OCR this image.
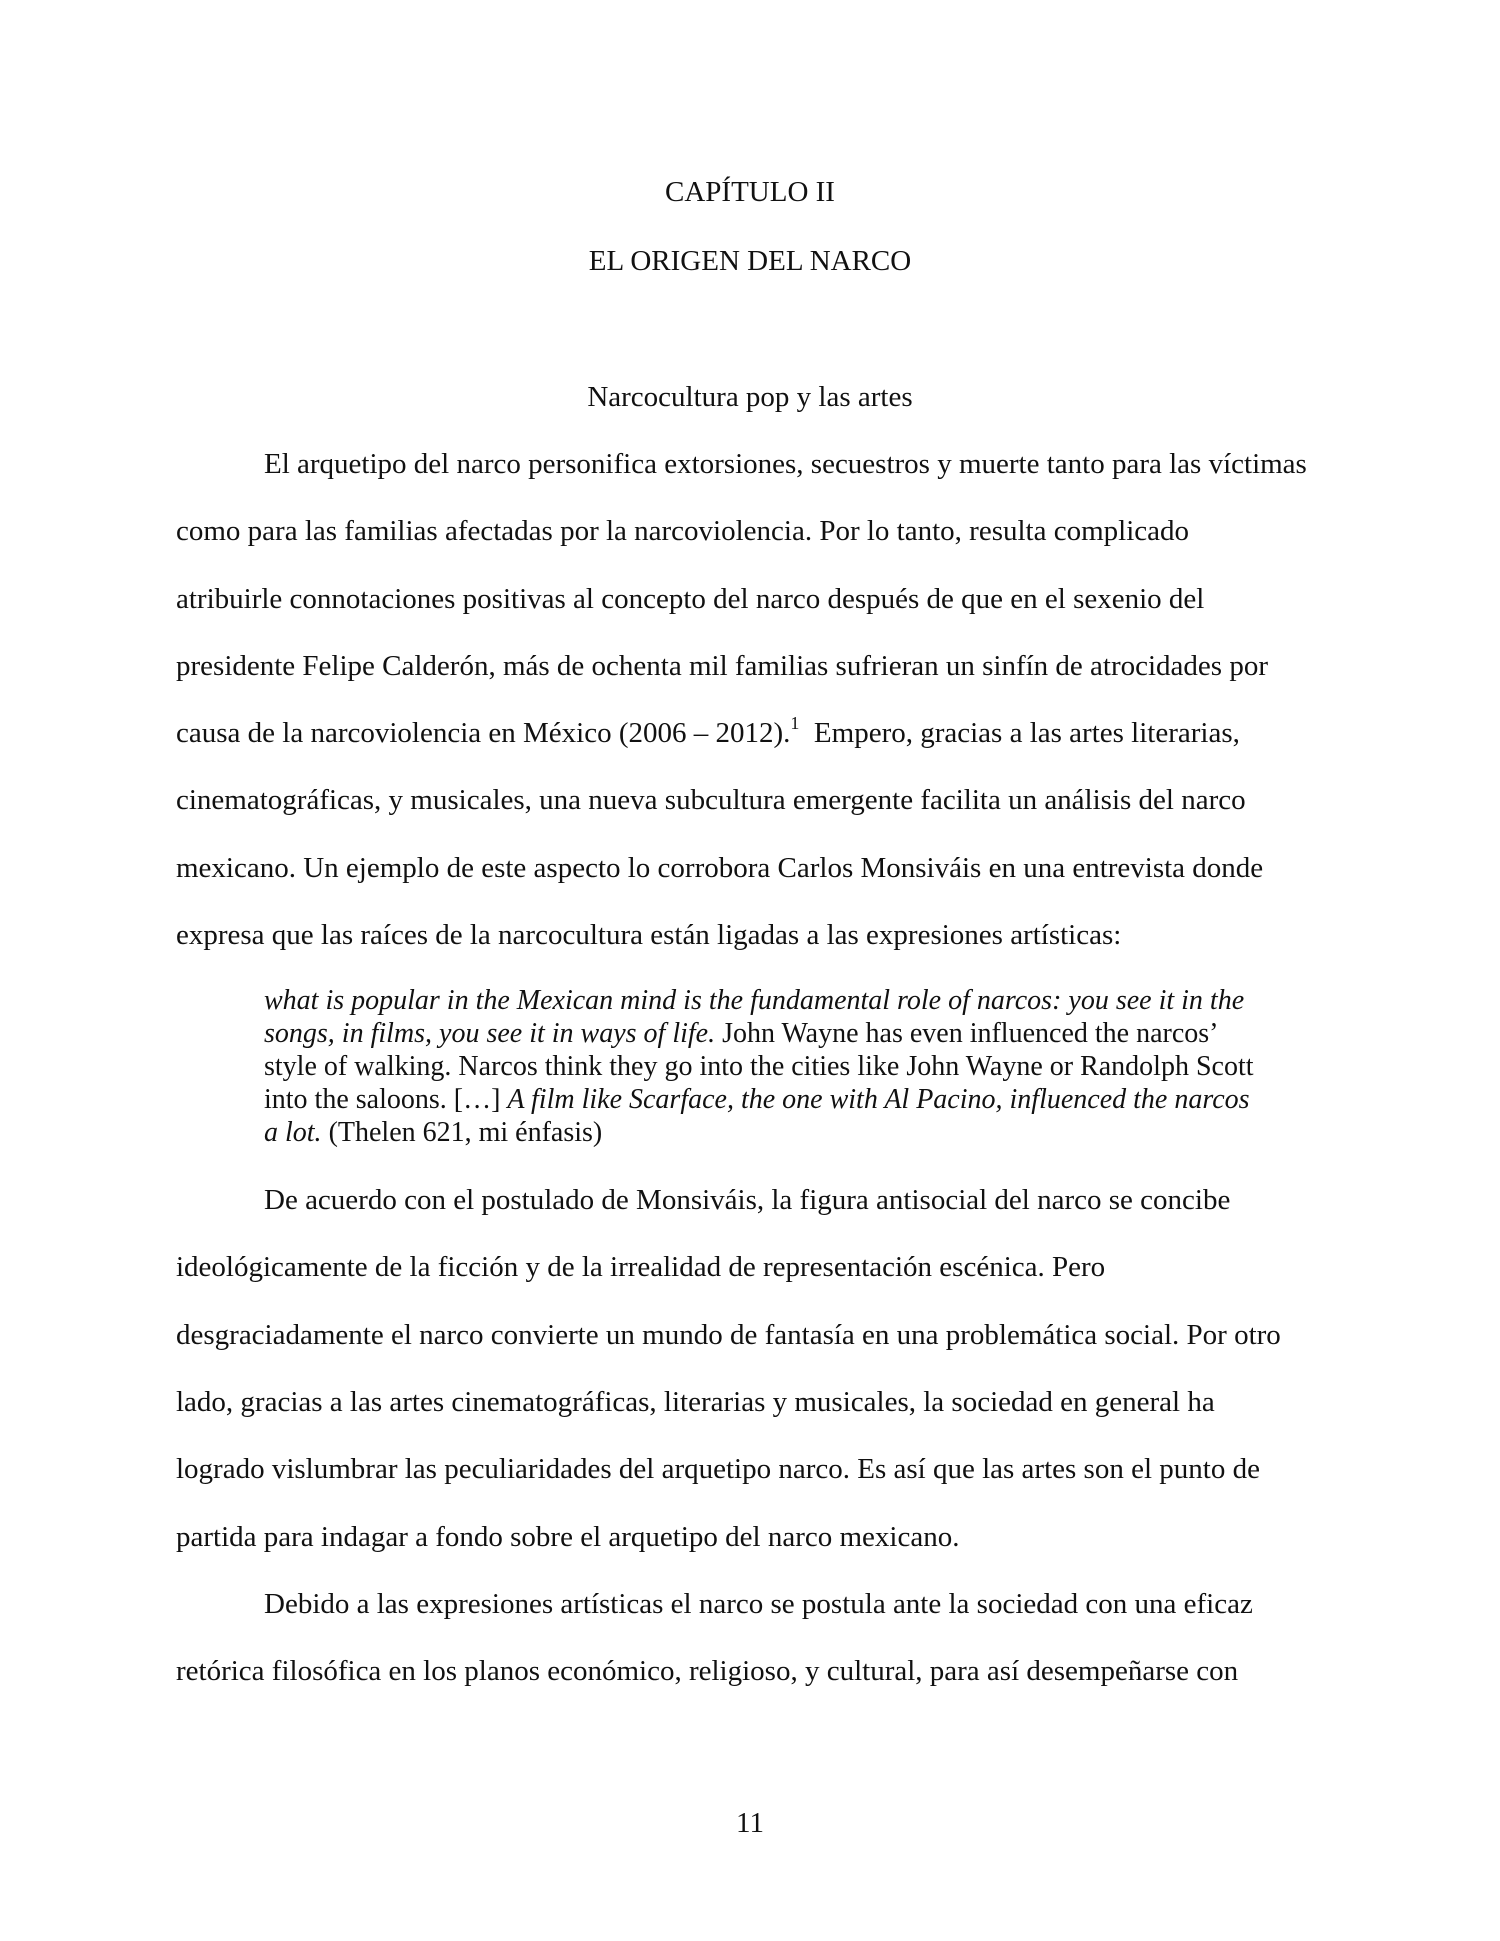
CAPÍTULO II
EL ORIGEN DEL NARCO
Narcocultura pop y las artes
El arquetipo del narco personifica extorsiones, secuestros y muerte tanto para las víctimas
como para las familias afectadas por la narcoviolencia. Por lo tanto, resulta complicado
atribuirle connotaciones positivas al concepto del narco después de que en el sexenio del
presidente Felipe Calderón, más de ochenta mil familias sufrieran un sinfín de atrocidades por
causa de la narcoviolencia en México (2006 – 2012).$^1$  Empero, gracias a las artes literarias,
cinematográficas, y musicales, una nueva subcultura emergente facilita un análisis del narco
mexicano. Un ejemplo de este aspecto lo corrobora Carlos Monsiváis en una entrevista donde
expresa que las raíces de la narcocultura están ligadas a las expresiones artísticas:
what is popular in the Mexican mind is the fundamental role of narcos: you see it in the
songs, in films, you see it in ways of life. John Wayne has even influenced the narcos’
style of walking. Narcos think they go into the cities like John Wayne or Randolph Scott
into the saloons. […] A film like Scarface, the one with Al Pacino, influenced the narcos
a lot. (Thelen 621, mi énfasis)
De acuerdo con el postulado de Monsiváis, la figura antisocial del narco se concibe
ideológicamente de la ficción y de la irrealidad de representación escénica. Pero
desgraciadamente el narco convierte un mundo de fantasía en una problemática social. Por otro
lado, gracias a las artes cinematográficas, literarias y musicales, la sociedad en general ha
logrado vislumbrar las peculiaridades del arquetipo narco. Es así que las artes son el punto de
partida para indagar a fondo sobre el arquetipo del narco mexicano.
Debido a las expresiones artísticas el narco se postula ante la sociedad con una eficaz
retórica filosófica en los planos económico, religioso, y cultural, para así desempeñarse con
11
